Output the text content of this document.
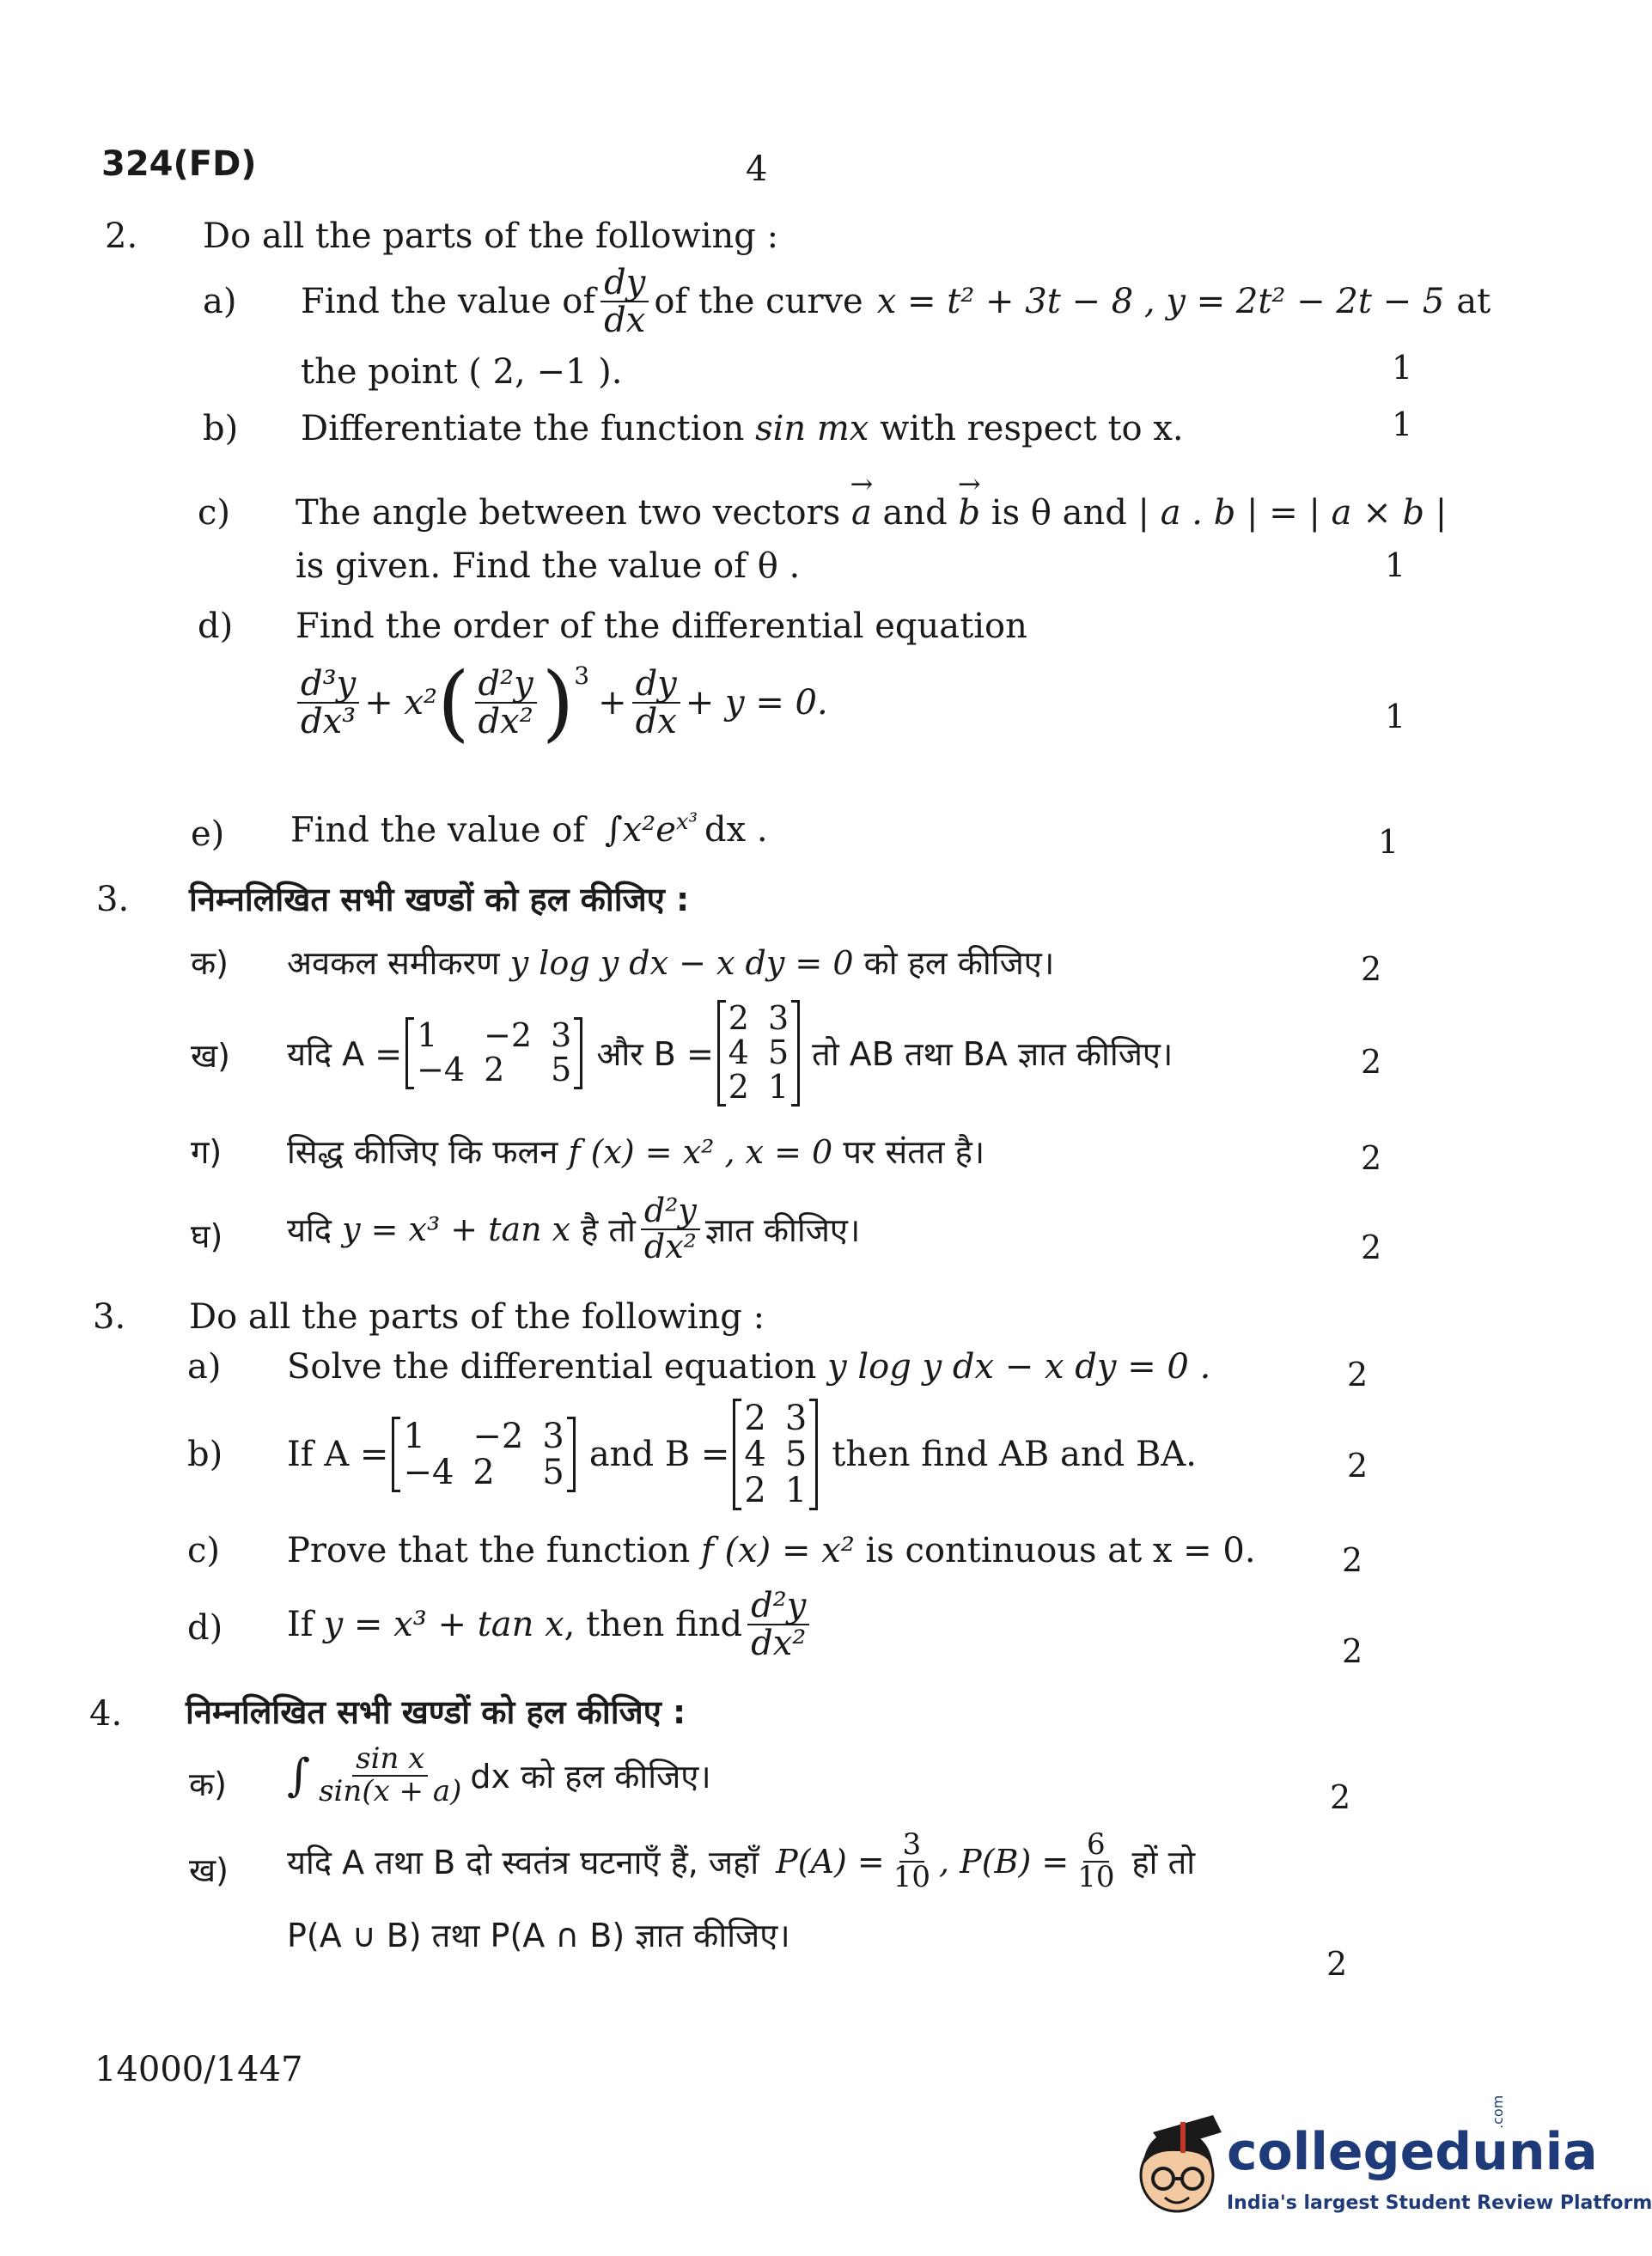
324(FD)	4
2. Do all the parts of the following :
a) Find the value of $\frac{dy}{dx}$ of the curve x = t² + 3t − 8 , y = 2t² − 2t − 5 at
the point ( 2, −1 ).	1
b) Differentiate the function sin mx with respect to x.	1
c) The angle between two vectors → a and → b is θ and | a . b | = | a × b |
is given. Find the value of θ .	1
d) Find the order of the differential equation
$\frac{\text{d³y}}{\text{dx³}} + x^2$ ( $\frac{\text{d²y}}{\text{dx²}} )^3$
+ $\frac{dy}{dx} + y = 0$.	1
e) Find the value of $\int x^2e^{x^3}$ dx .	1
3. निम्नलिखित सभी खण्डों को हल कीजिए :
क) अवकल समीकरण y log y dx − x dy = 0 को हल कीजिए।	2
ख) यदि A = 1	−2 3
−4 2	5 और B =
2 3
4 5
2 1
तो AB तथा BA ज्ञात कीजिए।	2
ग) सिद्ध कीजिए कि फलन f (x) = x² , x = 0 पर संतत है।	2
घ) यदि y = x³ + tan x है तो $\frac{\text{d²y}}{\text{dx²}}$ ज्ञात कीजिए।	2
3. Do all the parts of the following :
a) Solve the differential equation y log y dx − x dy = 0 .	2
b) If A = 1	−2 3
−4 2	5 and B =
2 3
4 5
2 1
then find AB and BA.	2
c) Prove that the function f (x) = x² is continuous at x = 0.	2
d) If y = x³ + tan x , then find $\frac{\text{d²y}}{\text{dx²}}$	2
4. निम्नलिखित सभी खण्डों को हल कीजिए :
क) ∫ $\frac{\text{sin x}}{\sin(x + a)}$ dx को हल कीजिए।
2
ख) यदि A तथा B दो स्वतंत्र घटनाएँ हैं, जहाँ $P(A) = \frac{3}{10}$ , $P(B) = \frac{6}{10}$ हों तो
P(A ∪ B) तथा P(A ∩ B) ज्ञात कीजिए।
2
14000/1447
collegedunia
.com
India's largest Student Review Platform
